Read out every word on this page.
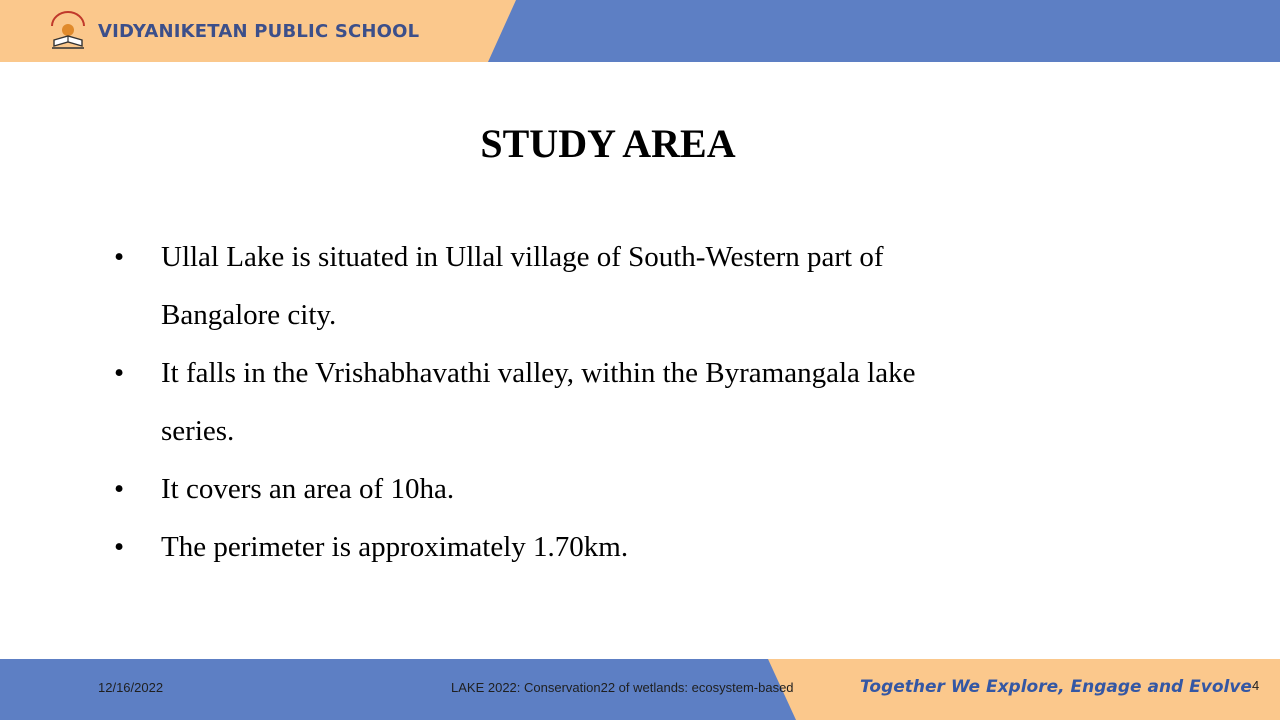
VIDYANIKETAN PUBLIC SCHOOL
STUDY AREA
• Ullal Lake is situated in Ullal village of South-Western part of
Bangalore city.
• It falls in the Vrishabhavathi valley, within the Byramangala lake
series.
• It covers an area of 10ha.
• The perimeter is approximately 1.70km.
12/16/2022	LAKE 2022: Conservation22 of wetlands: ecosystem-based	Together We Explore, Engage and Evolve 4
